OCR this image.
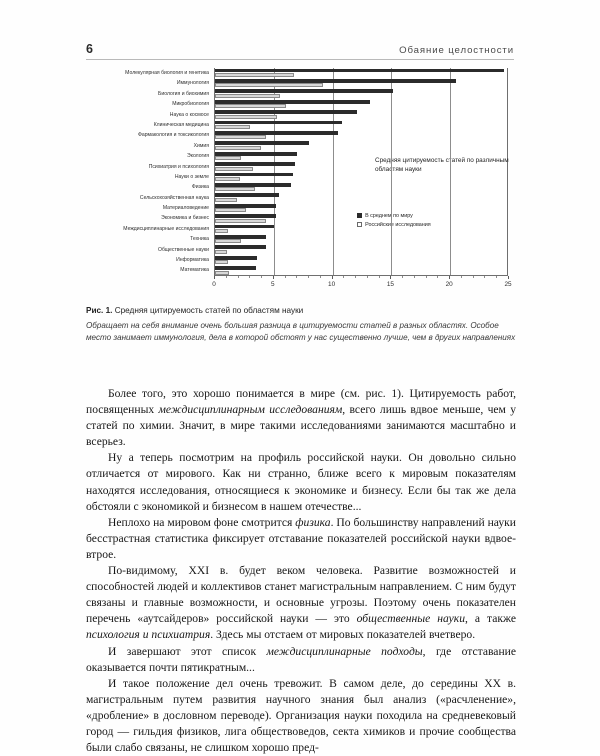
6	Обаяние целостности
Молекулярная биология и генетика
Иммунология
Биология и биохимия
Микробиология
Наука о космосе
Клиническая медицина
Фармакология и токсикология
Химия
Экология
Психиатрия и психология
Науки о земле
Физика
Сельскохозяйственная наука
Материаловедение
Экономика и бизнес
Междисциплинарные исследования
Техника
Общественные науки
Информатика
Математика
Средняя цитируемость статей по различным областям науки
В среднем по миру
Российские исследования
0	5	10	15	20	25
Рис. 1. Средняя цитируемость статей по областям науки
Обращает на себя внимание очень большая разница в цитируемости статей в разных областях. Особое место занимает иммунология, дела в которой обстоят у нас существенно лучше, чем в других направлениях

Более того, это хорошо понимается в мире (см. рис. 1). Цитируемость работ, посвященных междисциплинарным исследованиям, всего лишь вдвое меньше, чем у статей по химии. Значит, в мире такими исследованиями занимаются масштабно и всерьез.

Ну а теперь посмотрим на профиль российской науки. Он довольно сильно отличается от мирового. Как ни странно, ближе всего к мировым показателям находятся исследования, относящиеся к экономике и бизнесу. Если бы так же дела обстояли с экономикой и бизнесом в нашем отечестве...

Неплохо на мировом фоне смотрится физика. По большинству направлений науки бесстрастная статистика фиксирует отставание показателей российской науки вдвое-втрое.

По-видимому, XXI в. будет веком человека. Развитие возможностей и способностей людей и коллективов станет магистральным направлением. С ним будут связаны и главные возможности, и основные угрозы. Поэтому очень показателен перечень «аутсайдеров» российской науки — это общественные науки, а также психология и психиатрия. Здесь мы отстаем от мировых показателей вчетверо.

И завершают этот список междисциплинарные подходы, где отставание оказывается почти пятикратным...

И такое положение дел очень тревожит. В самом деле, до середины XX в. магистральным путем развития научного знания был анализ («расчленение», «дробление» в дословном переводе). Организация науки походила на средневековый город — гильдия физиков, лига обществоведов, секта химиков и прочие сообщества были слабо связаны, не слишком хорошо пред-
